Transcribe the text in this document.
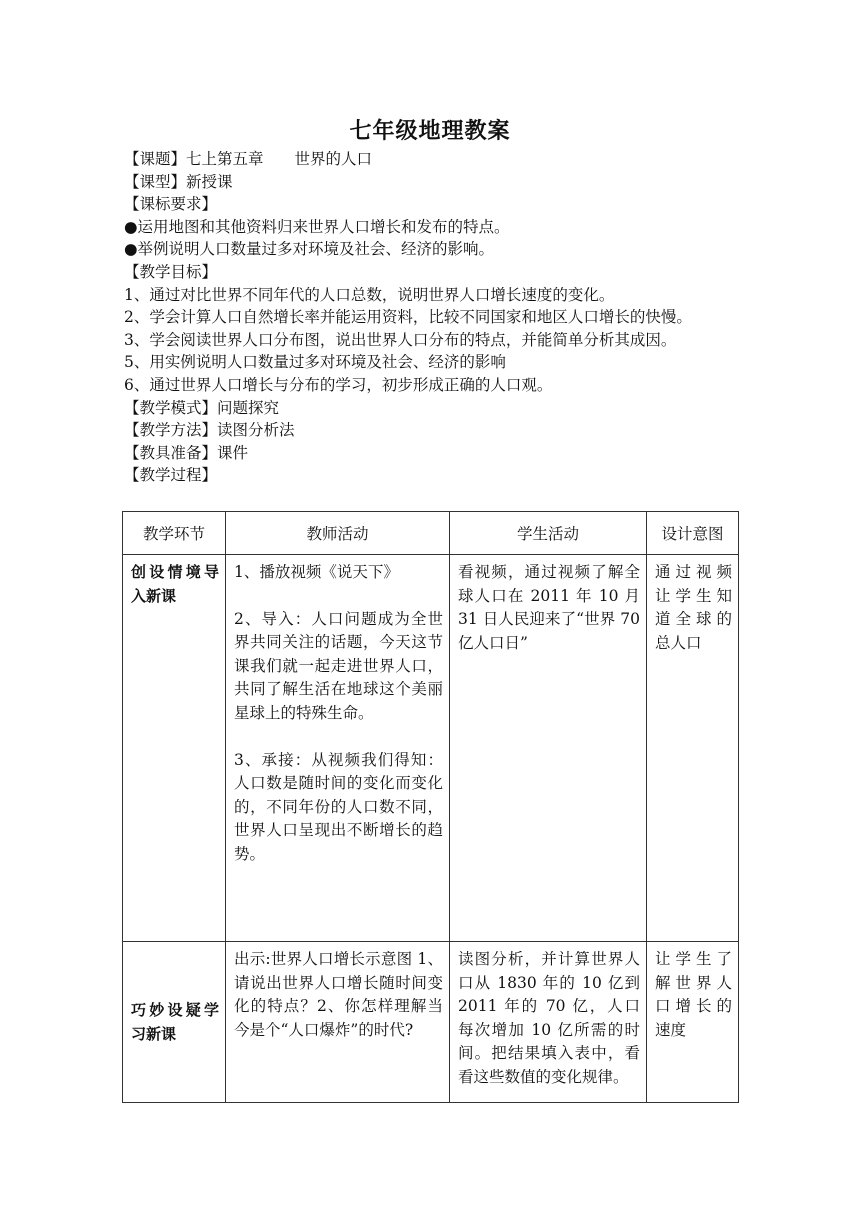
七年级地理教案
【课题】七上第五章　　世界的人口
【课型】新授课
【课标要求】
●运用地图和其他资料归来世界人口增长和发布的特点。
●举例说明人口数量过多对环境及社会、经济的影响。
【教学目标】
1、通过对比世界不同年代的人口总数，说明世界人口增长速度的变化。
2、学会计算人口自然增长率并能运用资料，比较不同国家和地区人口增长的快慢。
3、学会阅读世界人口分布图，说出世界人口分布的特点，并能简单分析其成因。
5、用实例说明人口数量过多对环境及社会、经济的影响
6、通过世界人口增长与分布的学习，初步形成正确的人口观。
【教学模式】问题探究
【教学方法】读图分析法
【教具准备】课件
【教学过程】
教学环节	教师活动	学生活动	设计意图

创设情境导入新课	1、播放视频《说天下》
2、导入：人口问题成为全世界共同关注的话题，今天这节课我们就一起走进世界人口，共同了解生活在地球这个美丽星球上的特殊生命。
3、承接：从视频我们得知：人口数是随时间的变化而变化的，不同年份的人口数不同，世界人口呈现出不断增长的趋势。	看视频，通过视频了解全球人口在 2011 年 10 月 31 日人民迎来了“世界 70 亿人口日”	通过视频让学生知道全球的总人口

巧妙设疑学习新课	出示:世界人口增长示意图 1、请说出世界人口增长随时间变化的特点？2、你怎样理解当今是个“人口爆炸”的时代?	读图分析，并计算世界人口从 1830 年的 10 亿到 2011 年的 70 亿，人口每次增加 10 亿所需的时间。把结果填入表中，看看这些数值的变化规律。	让学生了解世界人口增长的速度
